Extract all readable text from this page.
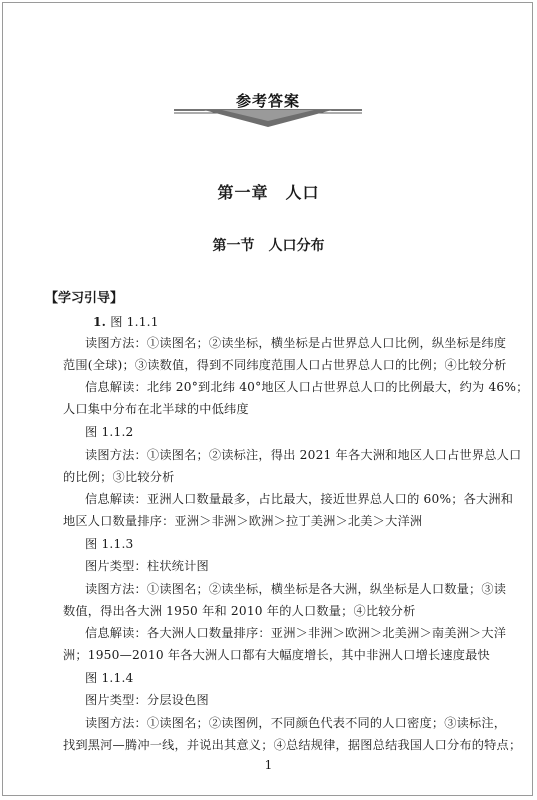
参考答案
第一章　人口
第一节　人口分布
【学习引导】
1. 图 1.1.1
读图方法：①读图名；②读坐标，横坐标是占世界总人口比例，纵坐标是纬度
范围(全球)；③读数值，得到不同纬度范围人口占世界总人口的比例；④比较分析
信息解读：北纬 20°到北纬 40°地区人口占世界总人口的比例最大，约为 46%；
人口集中分布在北半球的中低纬度
图 1.1.2
读图方法：①读图名；②读标注，得出 2021 年各大洲和地区人口占世界总人口
的比例；③比较分析
信息解读：亚洲人口数量最多，占比最大，接近世界总人口的 60%；各大洲和
地区人口数量排序：亚洲＞非洲＞欧洲＞拉丁美洲＞北美＞大洋洲
图 1.1.3
图片类型：柱状统计图
读图方法：①读图名；②读坐标，横坐标是各大洲，纵坐标是人口数量；③读
数值，得出各大洲 1950 年和 2010 年的人口数量；④比较分析
信息解读：各大洲人口数量排序：亚洲＞非洲＞欧洲＞北美洲＞南美洲＞大洋
洲；1950—2010 年各大洲人口都有大幅度增长，其中非洲人口增长速度最快
图 1.1.4
图片类型：分层设色图
读图方法：①读图名；②读图例，不同颜色代表不同的人口密度；③读标注，
找到黑河—腾冲一线，并说出其意义；④总结规律，据图总结我国人口分布的特点；
1
